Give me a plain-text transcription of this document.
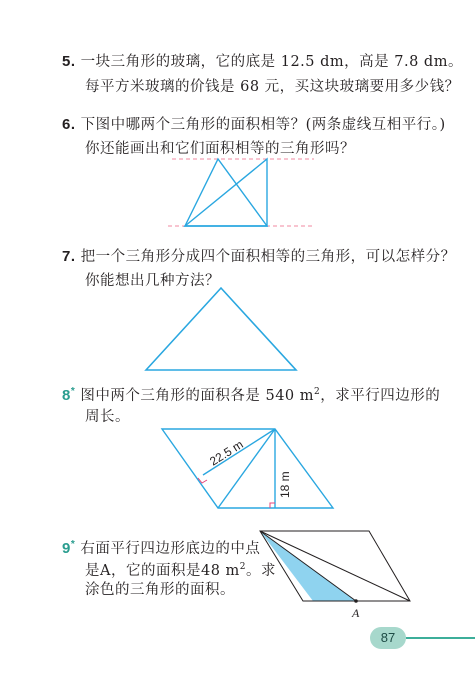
5. 一块三角形的玻璃，它的底是 12.5 dm，高是 7.8 dm。
每平方米玻璃的价钱是 68 元，买这块玻璃要用多少钱？
6. 下图中哪两个三角形的面积相等？(两条虚线互相平行。)
你还能画出和它们面积相等的三角形吗？
7. 把一个三角形分成四个面积相等的三角形，可以怎样分？
你能想出几种方法？
8* 图中两个三角形的面积各是 540 $m^2$，求平行四边形的
周长。
9* 右面平行四边形底边的中点
是A，它的面积是48 $m^2$。求
涂色的三角形的面积。
22.5 m
18 m
A
87
